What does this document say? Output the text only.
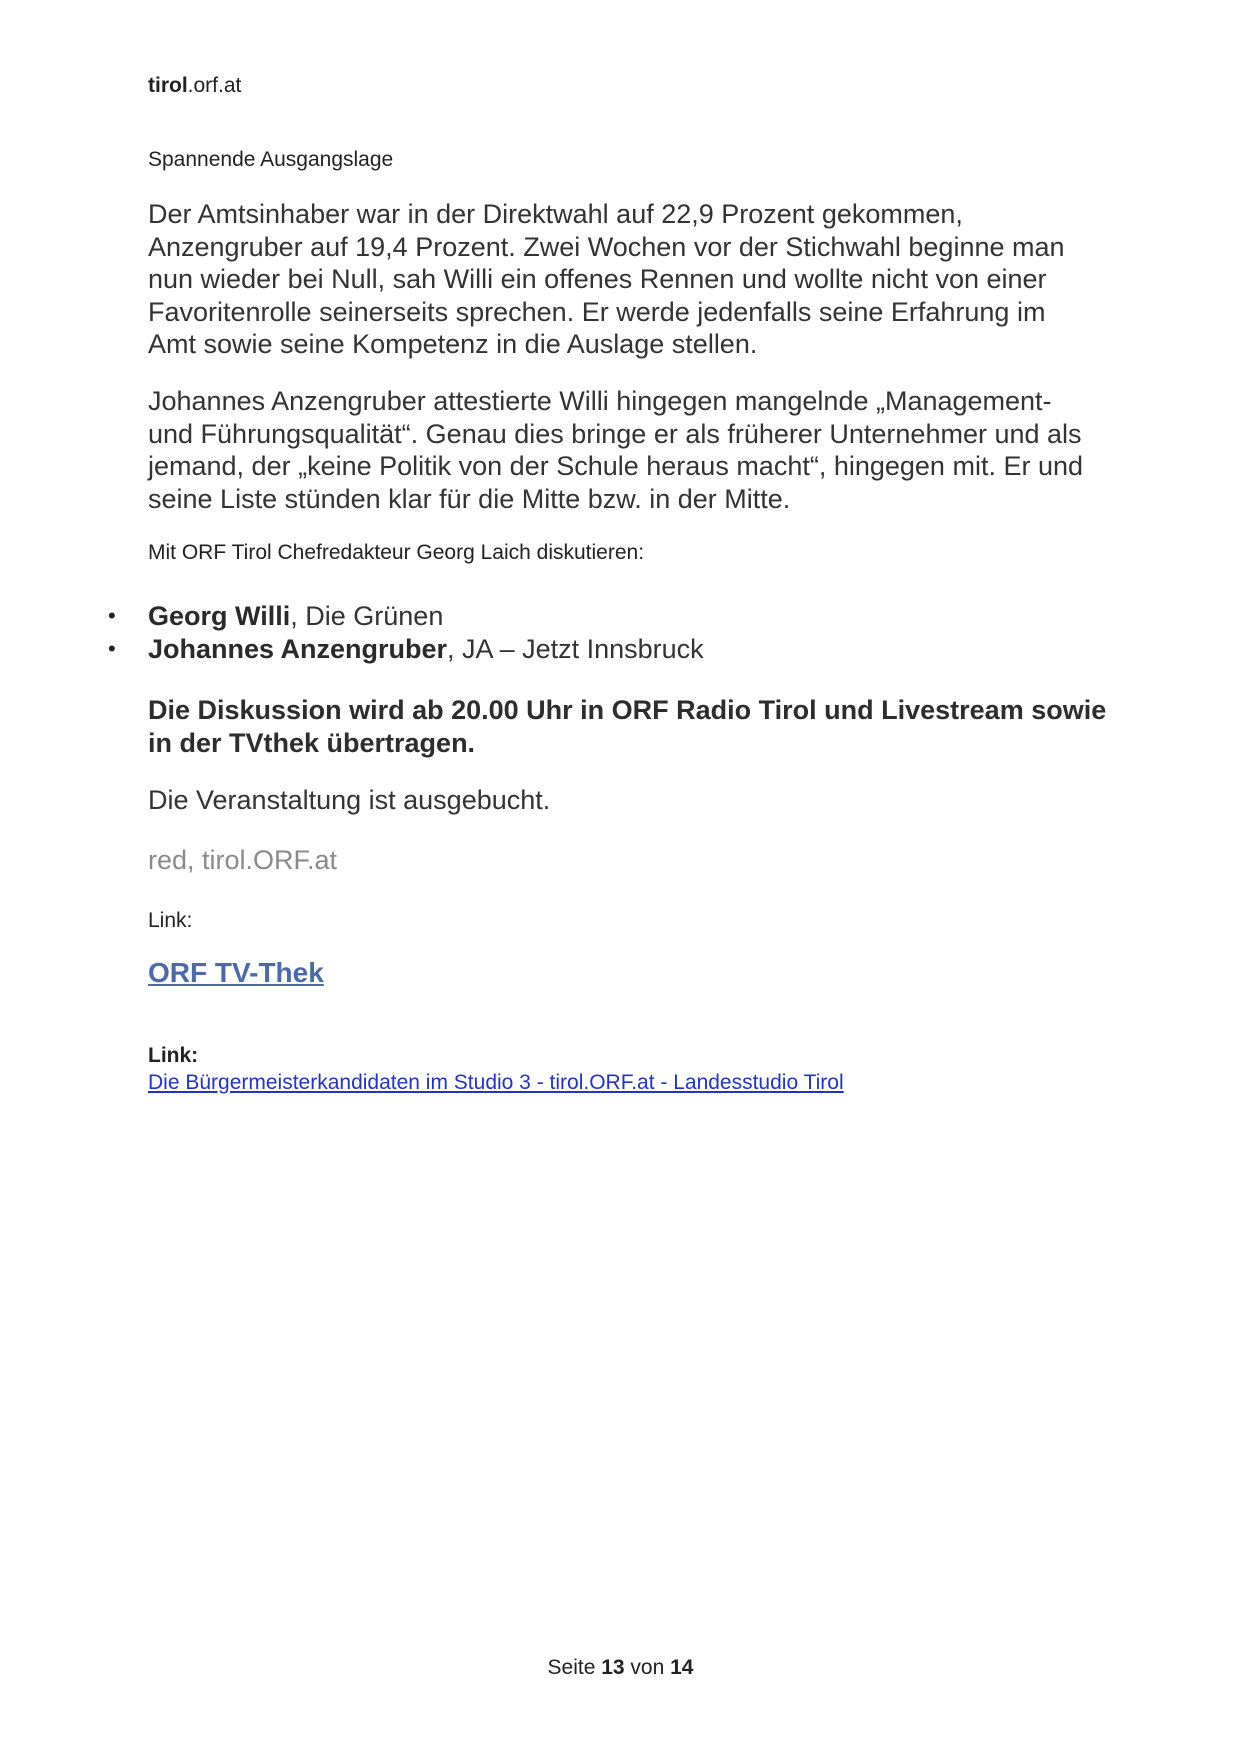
tirol.orf.at
Spannende Ausgangslage
Der Amtsinhaber war in der Direktwahl auf 22,9 Prozent gekommen, Anzengruber auf 19,4 Prozent. Zwei Wochen vor der Stichwahl beginne man nun wieder bei Null, sah Willi ein offenes Rennen und wollte nicht von einer Favoritenrolle seinerseits sprechen. Er werde jedenfalls seine Erfahrung im Amt sowie seine Kompetenz in die Auslage stellen.
Johannes Anzengruber attestierte Willi hingegen mangelnde „Management- und Führungsqualität“. Genau dies bringe er als früherer Unternehmer und als jemand, der „keine Politik von der Schule heraus macht“, hingegen mit. Er und seine Liste stünden klar für die Mitte bzw. in der Mitte.
Mit ORF Tirol Chefredakteur Georg Laich diskutieren:
• Georg Willi, Die Grünen
• Johannes Anzengruber, JA – Jetzt Innsbruck
Die Diskussion wird ab 20.00 Uhr in ORF Radio Tirol und Livestream sowie in der TVthek übertragen.
Die Veranstaltung ist ausgebucht.
red, tirol.ORF.at
Link:
ORF TV-Thek
Link:
Die Bürgermeisterkandidaten im Studio 3 - tirol.ORF.at - Landesstudio Tirol
Seite 13 von 14
